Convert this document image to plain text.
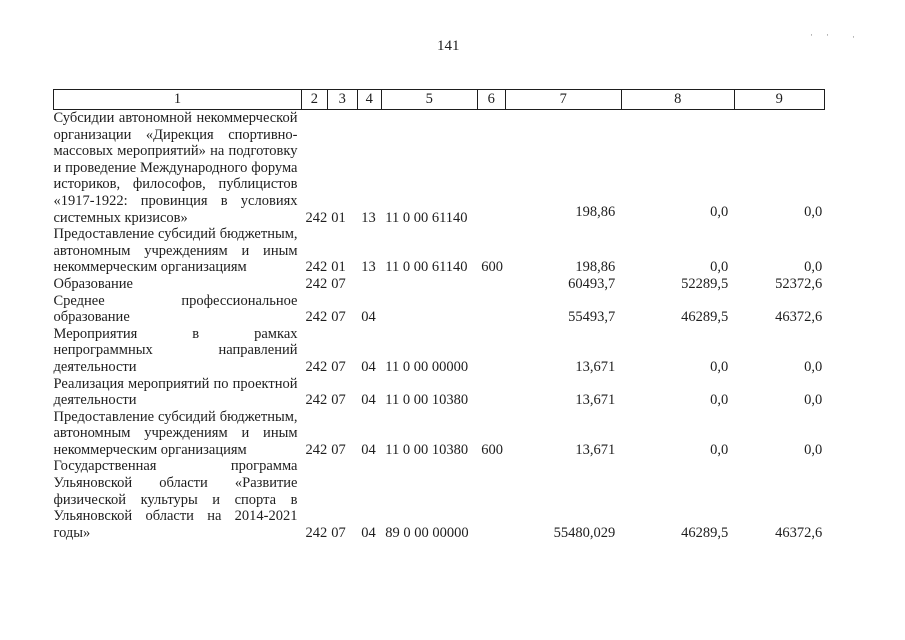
141
· ·	·
1	2	3	4	5	6	7	8	9
Субсидии автономной некоммерческой организации «Дирекция спортивно-массовых мероприятий» на подготовку и проведение Международного форума историков, философов, публицистов «1917-1922: провинция в условиях системных кризисов»	242	01	13	11 0 00 61140		198,86	0,0	0,0
Предоставление субсидий бюджетным, автономным учреждениям и иным некоммерческим организациям	242	01	13	11 0 00 61140	600	198,86	0,0	0,0
Образование	242	07				60493,7	52289,5	52372,6
Среднее профессиональное образование	242	07	04			55493,7	46289,5	46372,6
Мероприятия в рамках непрограммных направлений деятельности	242	07	04	11 0 00 00000		13,671	0,0	0,0
Реализация мероприятий по проектной деятельности	242	07	04	11 0 00 10380		13,671	0,0	0,0
Предоставление субсидий бюджетным, автономным учреждениям и иным некоммерческим организациям	242	07	04	11 0 00 10380	600	13,671	0,0	0,0
Государственная программа Ульяновской области «Развитие физической культуры и спорта в Ульяновской области на 2014-2021 годы»	242	07	04	89 0 00 00000		55480,029	46289,5	46372,6
